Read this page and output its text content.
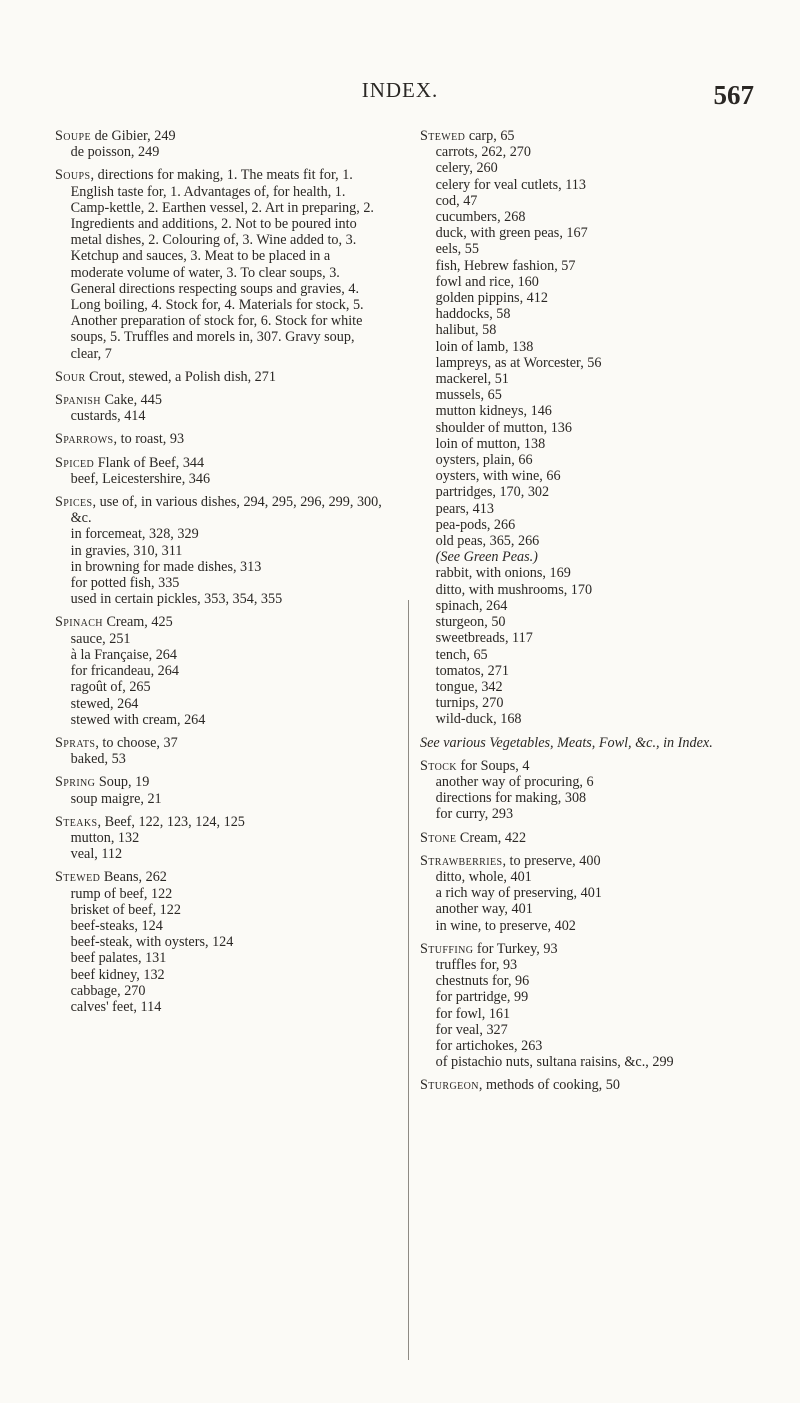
INDEX.	567

Soupe de Gibier, 249

de poisson, 249

Soups, directions for making, 1. The meats fit for, 1. English taste for, 1. Advantages of, for health, 1. Camp-kettle, 2. Earthen vessel, 2. Art in preparing, 2. Ingredients and additions, 2. Not to be poured into metal dishes, 2. Colouring of, 3. Wine added to, 3. Ketchup and sauces, 3. Meat to be placed in a moderate volume of water, 3. To clear soups, 3. General directions respecting soups and gravies, 4. Long boiling, 4. Stock for, 4. Materials for stock, 5. Another preparation of stock for, 6. Stock for white soups, 5. Truffles and morels in, 307. Gravy soup, clear, 7

Sour Crout, stewed, a Polish dish, 271

Spanish Cake, 445

custards, 414

Sparrows, to roast, 93

Spiced Flank of Beef, 344

beef, Leicestershire, 346

Spices, use of, in various dishes, 294, 295, 296, 299, 300, &c.

in forcemeat, 328, 329

in gravies, 310, 311

in browning for made dishes, 313

for potted fish, 335

used in certain pickles, 353, 354, 355

Spinach Cream, 425

sauce, 251

à la Française, 264

for fricandeau, 264

ragoût of, 265

stewed, 264

stewed with cream, 264

Sprats, to choose, 37

baked, 53

Spring Soup, 19

soup maigre, 21

Steaks, Beef, 122, 123, 124, 125

mutton, 132

veal, 112

Stewed Beans, 262

rump of beef, 122

brisket of beef, 122

beef-steaks, 124

beef-steak, with oysters, 124

beef palates, 131

beef kidney, 132

cabbage, 270

calves' feet, 114

Stewed carp, 65

carrots, 262, 270

celery, 260

celery for veal cutlets, 113

cod, 47

cucumbers, 268

duck, with green peas, 167

eels, 55

fish, Hebrew fashion, 57

fowl and rice, 160

golden pippins, 412

haddocks, 58

halibut, 58

loin of lamb, 138

lampreys, as at Worcester, 56

mackerel, 51

mussels, 65

mutton kidneys, 146

shoulder of mutton, 136

loin of mutton, 138

oysters, plain, 66

oysters, with wine, 66

partridges, 170, 302

pears, 413

pea-pods, 266

old peas, 365, 266

(See Green Peas.)

rabbit, with onions, 169

ditto, with mushrooms, 170

spinach, 264

sturgeon, 50

sweetbreads, 117

tench, 65

tomatos, 271

tongue, 342

turnips, 270

wild-duck, 168

See various Vegetables, Meats, Fowl, &c., in Index.

Stock for Soups, 4

another way of procuring, 6

directions for making, 308

for curry, 293

Stone Cream, 422

Strawberries, to preserve, 400

ditto, whole, 401

a rich way of preserving, 401

another way, 401

in wine, to preserve, 402

Stuffing for Turkey, 93

truffles for, 93

chestnuts for, 96

for partridge, 99

for fowl, 161

for veal, 327

for artichokes, 263

of pistachio nuts, sultana raisins, &c., 299

Sturgeon, methods of cooking, 50
